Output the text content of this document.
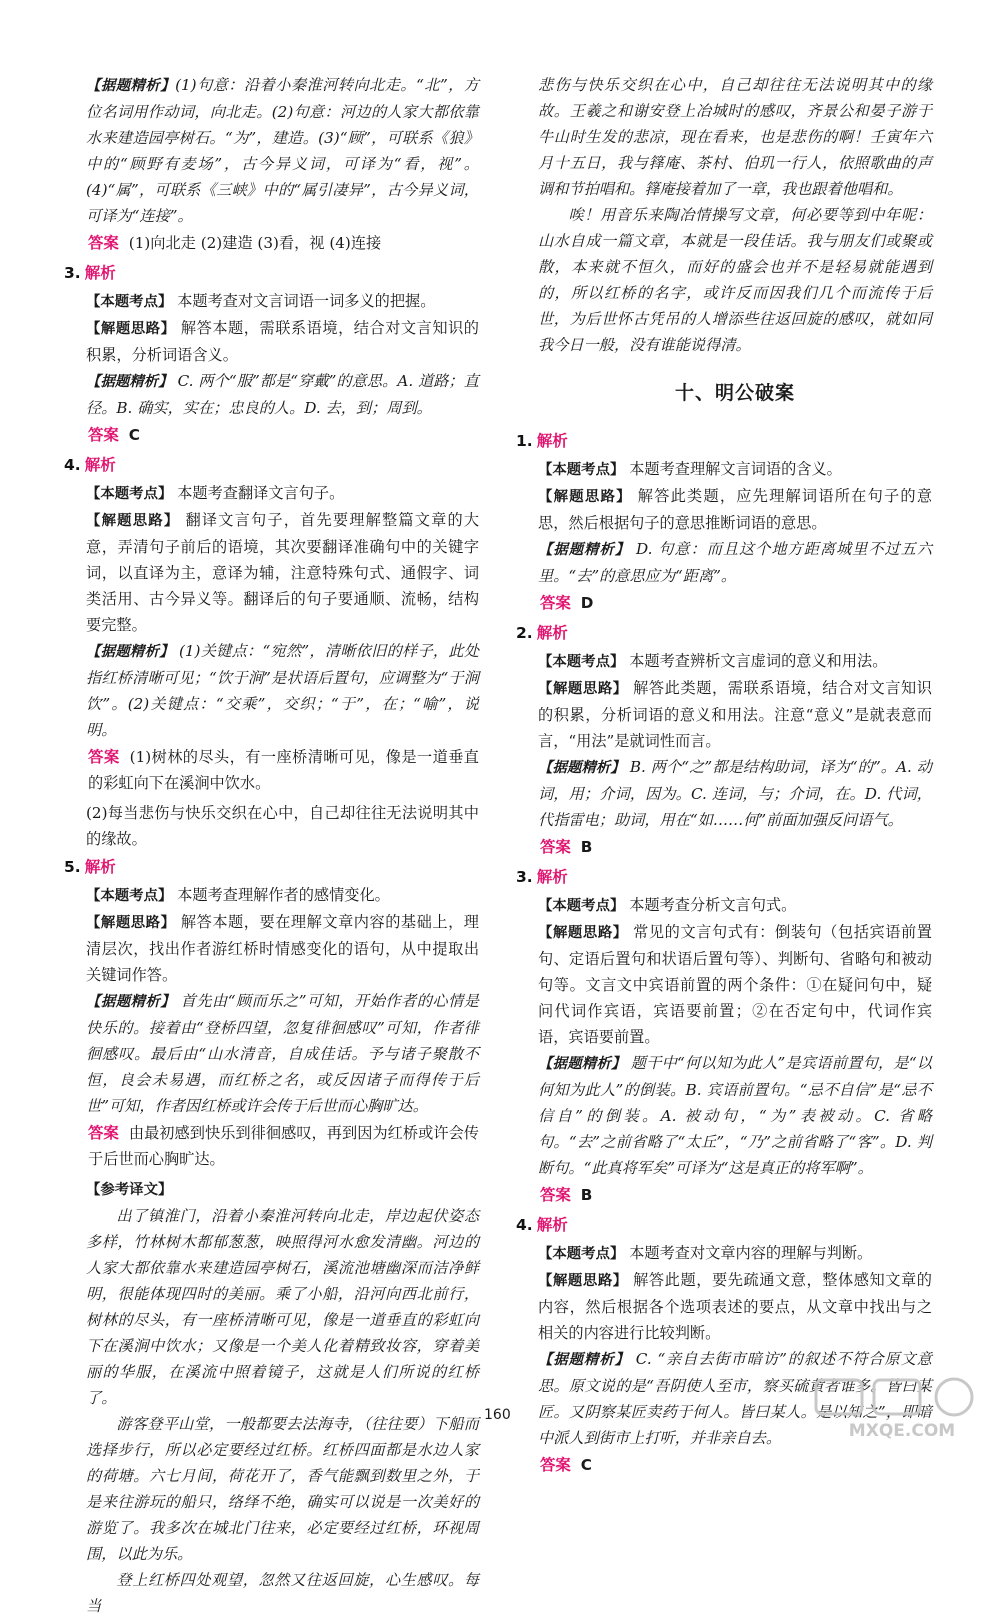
【据题精析】(1)句意：沿着小秦淮河转向北走。“北”，方位名词用作动词，向北走。(2)句意：河边的人家大都依靠水来建造园亭树石。“为”，建造。(3)“顾”，可联系《狼》中的“顾野有麦场”，古今异义词，可译为“看，视”。(4)“属”，可联系《三峡》中的“属引凄异”，古今异义词，可译为“连接”。

答案 (1)向北走 (2)建造 (3)看，视 (4)连接

3. 解析

【本题考点】 本题考查对文言词语一词多义的把握。

【解题思路】 解答本题，需联系语境，结合对文言知识的积累，分析词语含义。

【据题精析】 C. 两个“服”都是“穿戴”的意思。A. 道路；直径。B. 确实，实在；忠良的人。D. 去，到；周到。

答案 C

4. 解析

【本题考点】 本题考查翻译文言句子。

【解题思路】 翻译文言句子，首先要理解整篇文章的大意，弄清句子前后的语境，其次要翻译准确句中的关键字词，以直译为主，意译为辅，注意特殊句式、通假字、词类活用、古今异义等。翻译后的句子要通顺、流畅，结构要完整。

【据题精析】 (1)关键点：“宛然”，清晰依旧的样子，此处指红桥清晰可见；“饮于涧”是状语后置句，应调整为“于涧饮”。(2)关键点：“交乘”，交织；“于”，在；“喻”，说明。

答案 (1)树林的尽头，有一座桥清晰可见，像是一道垂直的彩虹向下在溪涧中饮水。

(2)每当悲伤与快乐交织在心中，自己却往往无法说明其中的缘故。

5. 解析

【本题考点】 本题考查理解作者的感情变化。

【解题思路】 解答本题，要在理解文章内容的基础上，理清层次，找出作者游红桥时情感变化的语句，从中提取出关键词作答。

【据题精析】 首先由“顾而乐之”可知，开始作者的心情是快乐的。接着由“登桥四望，忽复徘徊感叹”可知，作者徘徊感叹。最后由“山水清音，自成佳话。予与诸子聚散不恒，良会未易遇，而红桥之名，或反因诸子而得传于后世”可知，作者因红桥或许会传于后世而心胸旷达。

答案 由最初感到快乐到徘徊感叹，再到因为红桥或许会传于后世而心胸旷达。

【参考译文】

出了镇淮门，沿着小秦淮河转向北走，岸边起伏姿态多样，竹林树木都郁葱葱，映照得河水愈发清幽。河边的人家大都依靠水来建造园亭树石，溪流池塘幽深而洁净鲜明，很能体现四时的美丽。乘了小船，沿河向西北前行，树林的尽头，有一座桥清晰可见，像是一道垂直的彩虹向下在溪涧中饮水；又像是一个美人化着精致妆容，穿着美丽的华服，在溪流中照着镜子，这就是人们所说的红桥了。

游客登平山堂，一般都要去法海寺，（往往要）下船而选择步行，所以必定要经过红桥。红桥四面都是水边人家的荷塘。六七月间，荷花开了，香气能飘到数里之外，于是来往游玩的船只，络绎不绝，确实可以说是一次美好的游览了。我多次在城北门往来，必定要经过红桥，环视周围，以此为乐。

登上红桥四处观望，忽然又往返回旋，心生感叹。每当

悲伤与快乐交织在心中，自己却往往无法说明其中的缘故。王羲之和谢安登上冶城时的感叹，齐景公和晏子游于牛山时生发的悲凉，现在看来，也是悲伤的啊！壬寅年六月十五日，我与箨庵、茶村、伯玑一行人，依照歌曲的声调和节拍唱和。箨庵接着加了一章，我也跟着他唱和。

唉！用音乐来陶冶情操写文章，何必要等到中年呢：山水自成一篇文章，本就是一段佳话。我与朋友们或聚或散，本来就不恒久，而好的盛会也并不是轻易就能遇到的，所以红桥的名字，或许反而因我们几个而流传于后世，为后世怀古凭吊的人增添些往返回旋的感叹，就如同我今日一般，没有谁能说得清。

十、明公破案
1. 解析

【本题考点】 本题考查理解文言词语的含义。

【解题思路】 解答此类题，应先理解词语所在句子的意思，然后根据句子的意思推断词语的意思。

【据题精析】 D. 句意：而且这个地方距离城里不过五六里。“去”的意思应为“距离”。

答案 D

2. 解析

【本题考点】 本题考查辨析文言虚词的意义和用法。

【解题思路】 解答此类题，需联系语境，结合对文言知识的积累，分析词语的意义和用法。注意“意义”是就表意而言，“用法”是就词性而言。

【据题精析】 B. 两个“之”都是结构助词，译为“的”。A. 动词，用；介词，因为。C. 连词，与；介词，在。D. 代词，代指雷电；助词，用在“如……何”前面加强反问语气。

答案 B

3. 解析

【本题考点】 本题考查分析文言句式。

【解题思路】 常见的文言句式有：倒装句（包括宾语前置句、定语后置句和状语后置句等）、判断句、省略句和被动句等。文言文中宾语前置的两个条件：①在疑问句中，疑问代词作宾语，宾语要前置；②在否定句中，代词作宾语，宾语要前置。

【据题精析】 题干中“何以知为此人”是宾语前置句，是“以何知为此人”的倒装。B. 宾语前置句。“忌不自信”是“忌不信自”的倒装。A. 被动句，“为”表被动。C. 省略句。“去”之前省略了“太丘”，“乃”之前省略了“客”。D. 判断句。“此真将军矣”可译为“这是真正的将军啊”。

答案 B

4. 解析

【本题考点】 本题考查对文章内容的理解与判断。

【解题思路】 解答此题，要先疏通文意，整体感知文章的内容，然后根据各个选项表述的要点，从文章中找出与之相关的内容进行比较判断。

【据题精析】 C. “亲自去街市暗访”的叙述不符合原文意思。原文说的是“吾阴使人至市，察买硫黄者谁多。皆曰某匠。又阴察某匠卖药于何人。皆曰某人。是以知之”，即暗中派人到街市上打听，并非亲自去。

答案 C

160
MXQE.COM
